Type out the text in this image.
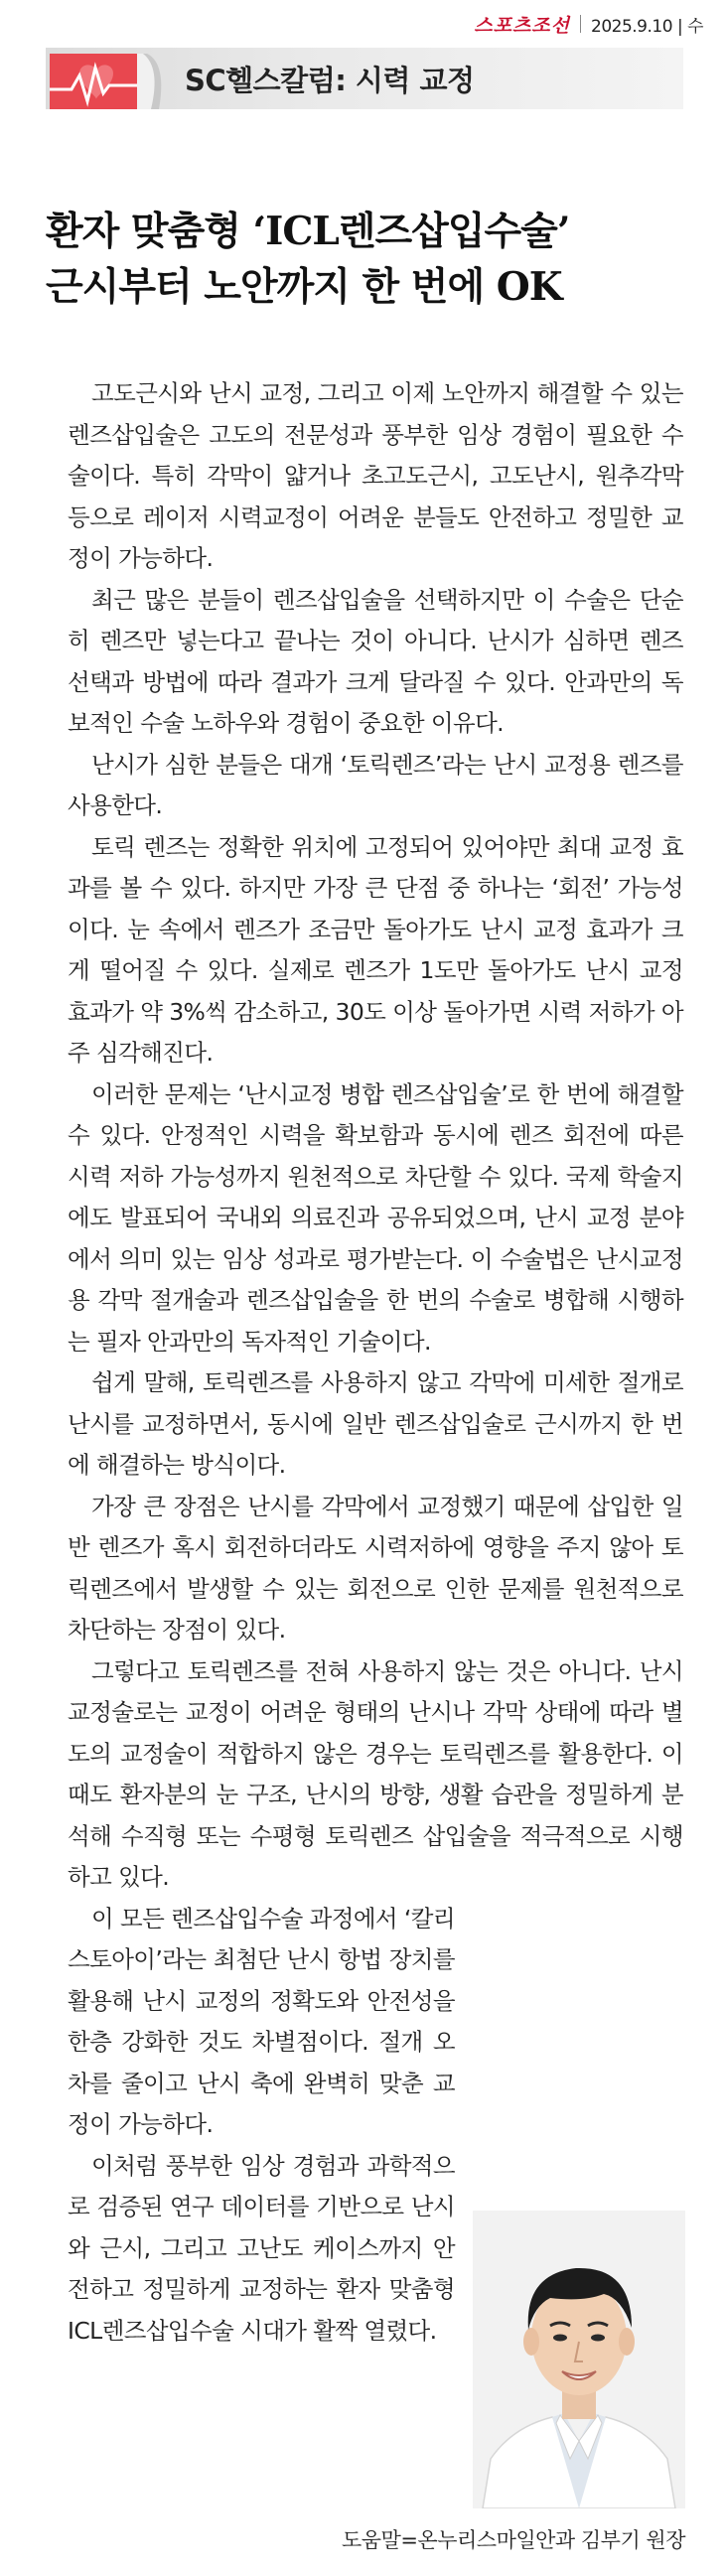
스포츠조선 2025.9.10 | 수
SC헬스칼럼: 시력 교정
환자 맞춤형 ‘ICL렌즈삽입수술’
근시부터 노안까지 한 번에 OK

고도근시와 난시 교정, 그리고 이제 노안까지 해결할 수 있는 렌즈삽입술은 고도의 전문성과 풍부한 임상 경험이 필요한 수술이다. 특히 각막이 얇거나 초고도근시, 고도난시, 원추각막 등으로 레이저 시력교정이 어려운 분들도 안전하고 정밀한 교정이 가능하다.

최근 많은 분들이 렌즈삽입술을 선택하지만 이 수술은 단순히 렌즈만 넣는다고 끝나는 것이 아니다. 난시가 심하면 렌즈 선택과 방법에 따라 결과가 크게 달라질 수 있다. 안과만의 독보적인 수술 노하우와 경험이 중요한 이유다.

난시가 심한 분들은 대개 ‘토릭렌즈’라는 난시 교정용 렌즈를 사용한다.

토릭 렌즈는 정확한 위치에 고정되어 있어야만 최대 교정 효과를 볼 수 있다. 하지만 가장 큰 단점 중 하나는 ‘회전’ 가능성이다. 눈 속에서 렌즈가 조금만 돌아가도 난시 교정 효과가 크게 떨어질 수 있다. 실제로 렌즈가 1도만 돌아가도 난시 교정 효과가 약 3%씩 감소하고, 30도 이상 돌아가면 시력 저하가 아주 심각해진다.

이러한 문제는 ‘난시교정 병합 렌즈삽입술’로 한 번에 해결할 수 있다. 안정적인 시력을 확보함과 동시에 렌즈 회전에 따른 시력 저하 가능성까지 원천적으로 차단할 수 있다. 국제 학술지에도 발표되어 국내외 의료진과 공유되었으며, 난시 교정 분야에서 의미 있는 임상 성과로 평가받는다. 이 수술법은 난시교정용 각막 절개술과 렌즈삽입술을 한 번의 수술로 병합해 시행하는 필자 안과만의 독자적인 기술이다.

쉽게 말해, 토릭렌즈를 사용하지 않고 각막에 미세한 절개로 난시를 교정하면서, 동시에 일반 렌즈삽입술로 근시까지 한 번에 해결하는 방식이다.

가장 큰 장점은 난시를 각막에서 교정했기 때문에 삽입한 일반 렌즈가 혹시 회전하더라도 시력저하에 영향을 주지 않아 토릭렌즈에서 발생할 수 있는 회전으로 인한 문제를 원천적으로 차단하는 장점이 있다.

그렇다고 토릭렌즈를 전혀 사용하지 않는 것은 아니다. 난시교정술로는 교정이 어려운 형태의 난시나 각막 상태에 따라 별도의 교정술이 적합하지 않은 경우는 토릭렌즈를 활용한다. 이때도 환자분의 눈 구조, 난시의 방향, 생활 습관을 정밀하게 분석해 수직형 또는 수평형 토릭렌즈 삽입술을 적극적으로 시행하고 있다.

이 모든 렌즈삽입수술 과정에서 ‘칼리스토아이’라는 최첨단 난시 항법 장치를 활용해 난시 교정의 정확도와 안전성을 한층 강화한 것도 차별점이다. 절개 오차를 줄이고 난시 축에 완벽히 맞춘 교정이 가능하다.

이처럼 풍부한 임상 경험과 과학적으로 검증된 연구 데이터를 기반으로 난시와 근시, 그리고 고난도 케이스까지 안전하고 정밀하게 교정하는 환자 맞춤형 ICL렌즈삽입수술 시대가 활짝 열렸다.

도움말=온누리스마일안과 김부기 원장
